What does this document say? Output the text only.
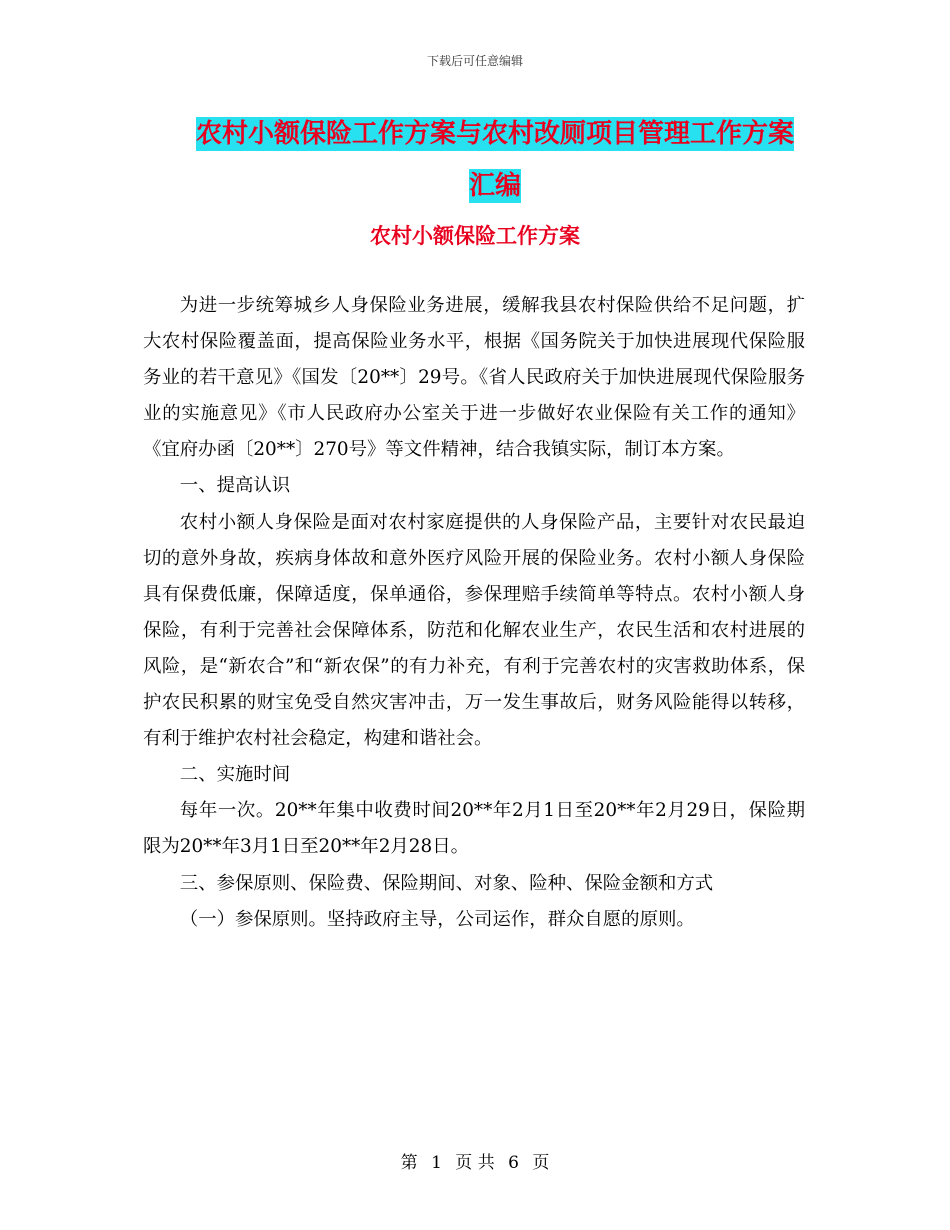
下载后可任意编辑
农村小额保险工作方案与农村改厕项目管理工作方案
汇编
农村小额保险工作方案

为进一步统筹城乡人身保险业务进展，缓解我县农村保险供给不足问题，扩大农村保险覆盖面，提高保险业务水平，根据《国务院关于加快进展现代保险服务业的若干意见》《国发〔20**〕29号。《省人民政府关于加快进展现代保险服务业的实施意见》《市人民政府办公室关于进一步做好农业保险有关工作的通知》《宜府办函〔20**〕270号》等文件精神，结合我镇实际，制订本方案。

一、提高认识

农村小额人身保险是面对农村家庭提供的人身保险产品，主要针对农民最迫切的意外身故，疾病身体故和意外医疗风险开展的保险业务。农村小额人身保险具有保费低廉，保障适度，保单通俗，参保理赔手续简单等特点。农村小额人身保险，有利于完善社会保障体系，防范和化解农业生产，农民生活和农村进展的风险，是“新农合”和“新农保”的有力补充，有利于完善农村的灾害救助体系，保护农民积累的财宝免受自然灾害冲击，万一发生事故后，财务风险能得以转移，有利于维护农村社会稳定，构建和谐社会。

二、实施时间

每年一次。20**年集中收费时间20**年2月1日至20**年2月29日，保险期限为20**年3月1日至20**年2月28日。

三、参保原则、保险费、保险期间、对象、险种、保险金额和方式

（一）参保原则。坚持政府主导，公司运作，群众自愿的原则。

第 1 页 共 6 页
